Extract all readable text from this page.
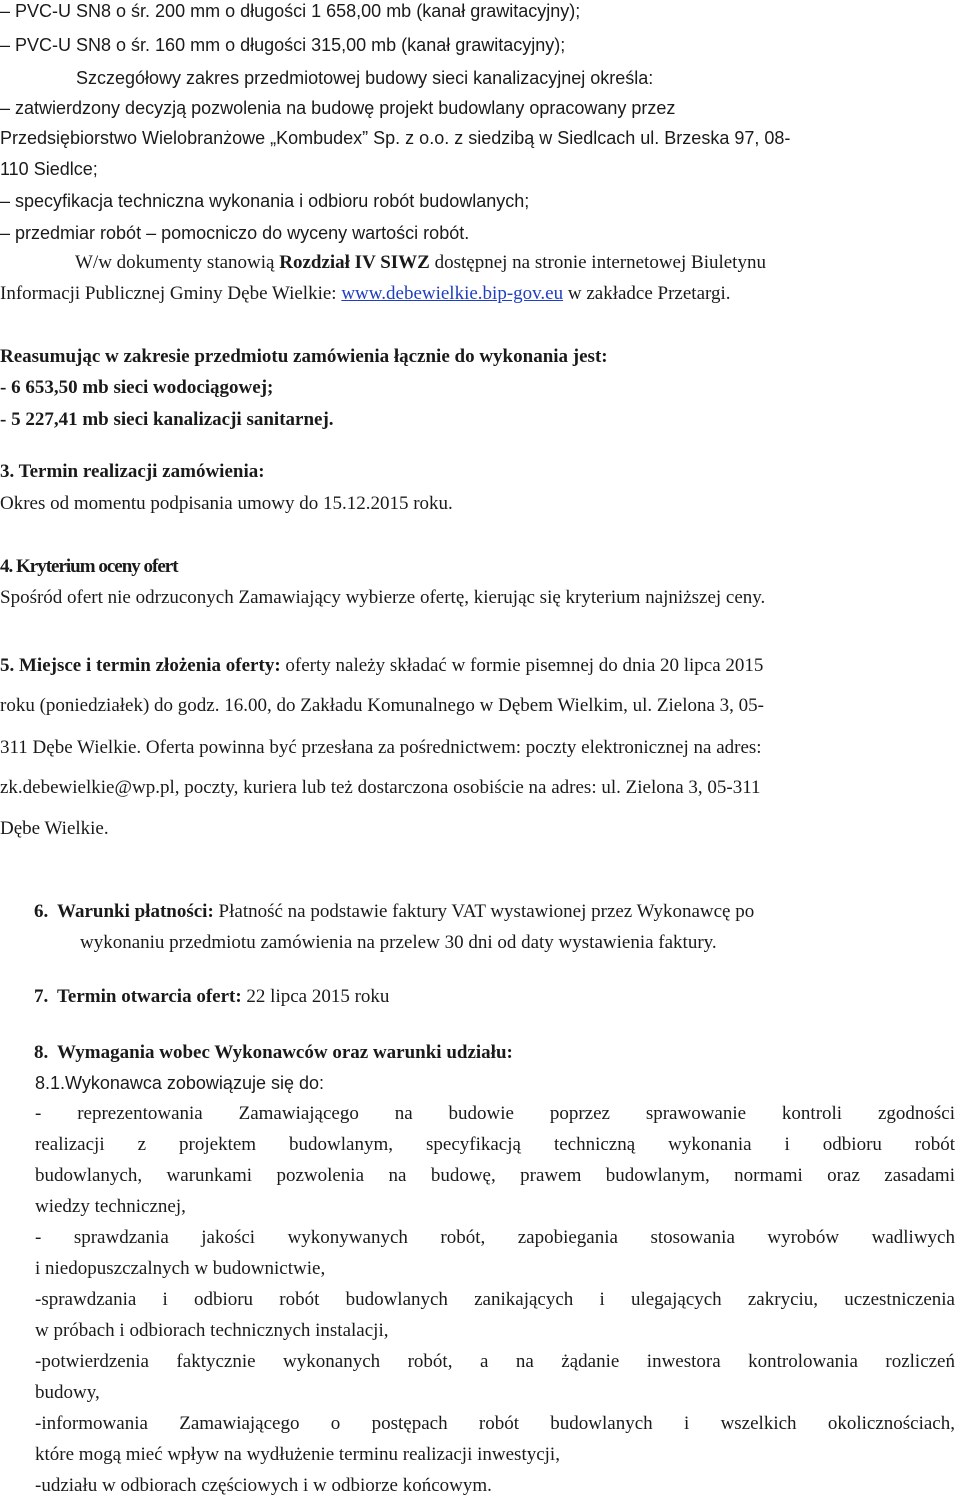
– PVC-U SN8 o śr. 200 mm o długości 1 658,00 mb (kanał grawitacyjny);
– PVC-U SN8 o śr. 160 mm o długości 315,00 mb (kanał grawitacyjny);
Szczegółowy zakres przedmiotowej budowy sieci kanalizacyjnej określa:
– zatwierdzony decyzją pozwolenia na budowę projekt budowlany opracowany przez
Przedsiębiorstwo Wielobranżowe „Kombudex” Sp. z o.o. z siedzibą w Siedlcach ul. Brzeska 97, 08-
110 Siedlce;
– specyfikacja techniczna wykonania i odbioru robót budowlanych;
– przedmiar robót – pomocniczo do wyceny wartości robót.
W/w dokumenty stanowią Rozdział IV SIWZ dostępnej na stronie internetowej Biuletynu
Informacji Publicznej Gminy Dębe Wielkie: www.debewielkie.bip-gov.eu w zakładce Przetargi.
Reasumując w zakresie przedmiotu zamówienia łącznie do wykonania jest:
- 6 653,50 mb sieci wodociągowej;
- 5 227,41 mb sieci kanalizacji sanitarnej.
3. Termin realizacji zamówienia:
Okres od momentu podpisania umowy do 15.12.2015 roku.
4. Kryterium oceny ofert
Spośród ofert nie odrzuconych Zamawiający wybierze ofertę, kierując się kryterium najniższej ceny.
5. Miejsce i termin złożenia oferty: oferty należy składać w formie pisemnej do dnia 20 lipca 2015
roku (poniedziałek) do godz. 16.00, do Zakładu Komunalnego w Dębem Wielkim, ul. Zielona 3, 05-
311 Dębe Wielkie. Oferta powinna być przesłana za pośrednictwem: poczty elektronicznej na adres:
zk.debewielkie@wp.pl, poczty, kuriera lub też dostarczona osobiście na adres: ul. Zielona 3, 05-311
Dębe Wielkie.
6. Warunki płatności: Płatność na podstawie faktury VAT wystawionej przez Wykonawcę po
wykonaniu przedmiotu zamówienia na przelew 30 dni od daty wystawienia faktury.
7. Termin otwarcia ofert: 22 lipca 2015 roku
8. Wymagania wobec Wykonawców oraz warunki udziału:
8.1.Wykonawca zobowiązuje się do:
- reprezentowania Zamawiającego na budowie poprzez sprawowanie kontroli zgodności
realizacji z projektem budowlanym, specyfikacją techniczną wykonania i odbioru robót
budowlanych, warunkami pozwolenia na budowę, prawem budowlanym, normami oraz zasadami
wiedzy technicznej,
- sprawdzania jakości wykonywanych robót, zapobiegania stosowania wyrobów wadliwych
i niedopuszczalnych w budownictwie,
-sprawdzania i odbioru robót budowlanych zanikających i ulegających zakryciu, uczestniczenia
w próbach i odbiorach technicznych instalacji,
-potwierdzenia faktycznie wykonanych robót, a na żądanie inwestora kontrolowania rozliczeń
budowy,
-informowania Zamawiającego o postępach robót budowlanych i wszelkich okolicznościach,
które mogą mieć wpływ na wydłużenie terminu realizacji inwestycji,
-udziału w odbiorach częściowych i w odbiorze końcowym.
